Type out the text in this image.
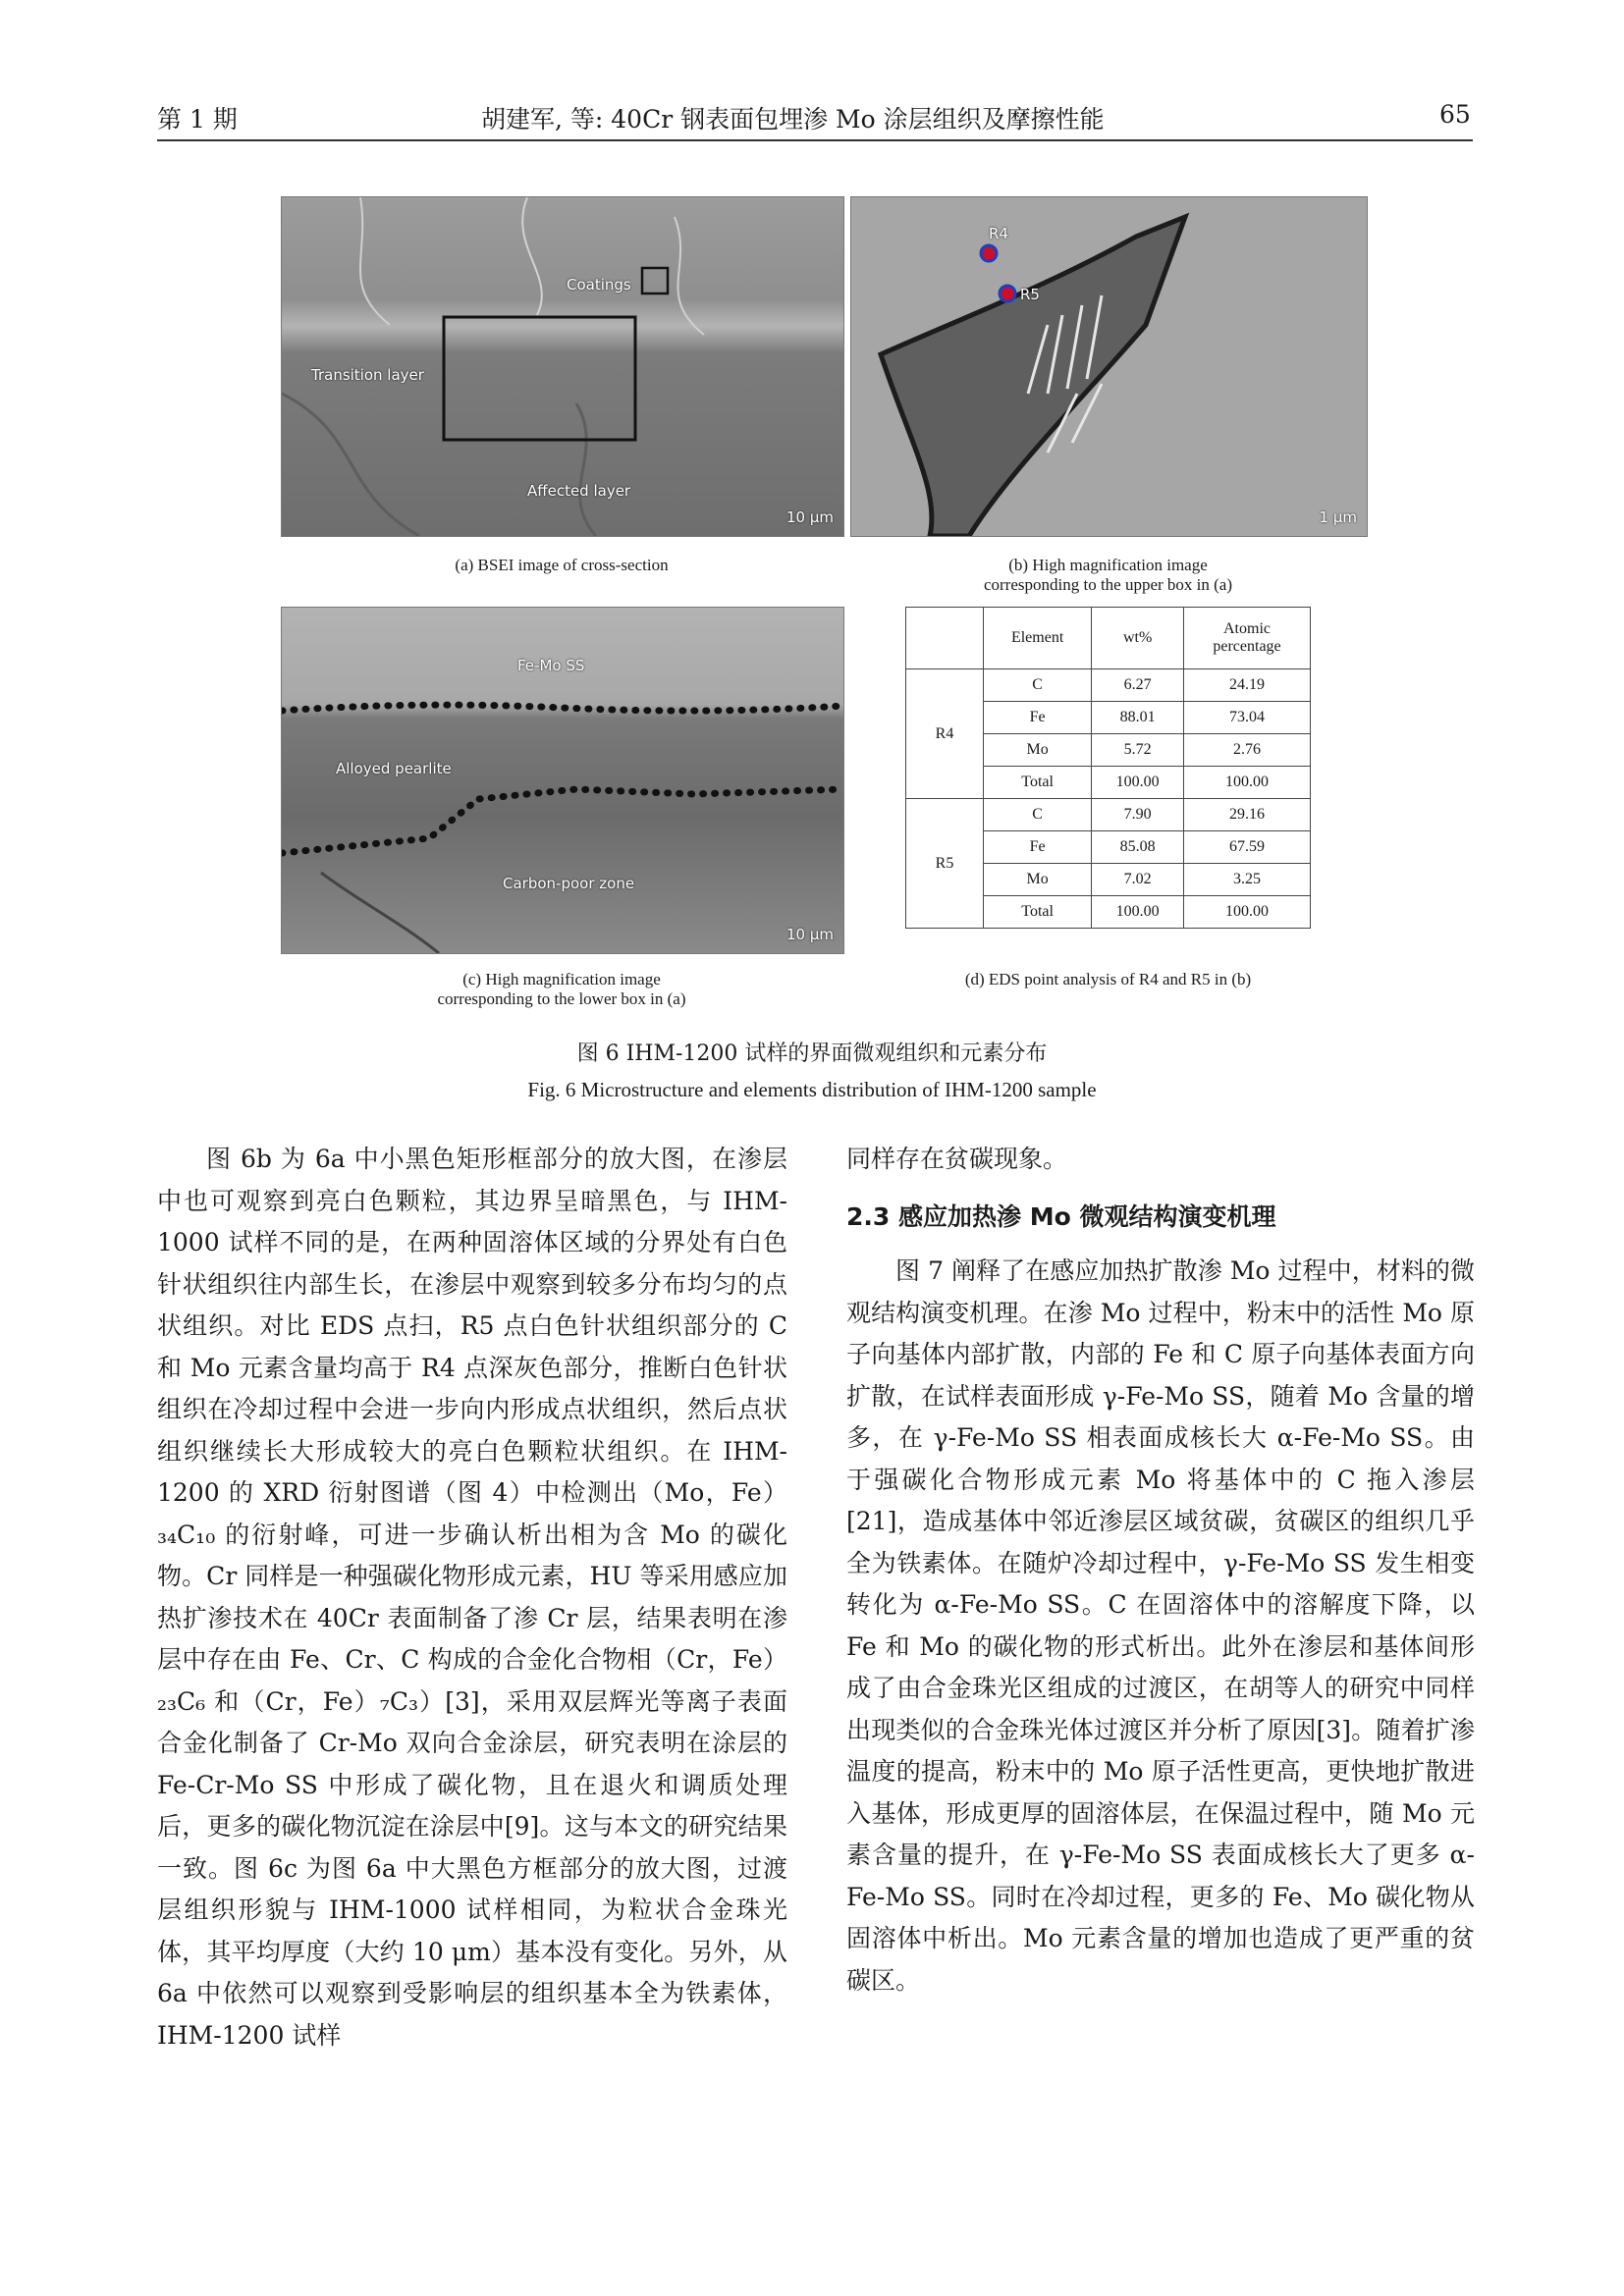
第 1 期	胡建军, 等: 40Cr 钢表面包埋渗 Mo 涂层组织及摩擦性能	65
Coatings
Transition layer
Affected layer
10 μm
(a) BSEI image of cross-section
R4
R5
1 μm
(b) High magnification image
corresponding to the upper box in (a)
Fe-Mo SS
Alloyed pearlite
Carbon-poor zone
10 μm
(c) High magnification image
corresponding to the lower box in (a)
	Element	wt%	Atomic percentage
R4	C	6.27	24.19
	Fe	88.01	73.04
	Mo	5.72	2.76
	Total	100.00	100.00
R5	C	7.90	29.16
	Fe	85.08	67.59
	Mo	7.02	3.25
	Total	100.00	100.00
(d) EDS point analysis of R4 and R5 in (b)
图 6 IHM-1200 试样的界面微观组织和元素分布
Fig. 6 Microstructure and elements distribution of IHM-1200 sample

图 6b 为 6a 中小黑色矩形框部分的放大图，在渗层中也可观察到亮白色颗粒，其边界呈暗黑色，与 IHM-1000 试样不同的是，在两种固溶体区域的分界处有白色针状组织往内部生长，在渗层中观察到较多分布均匀的点状组织。对比 EDS 点扫，R5 点白色针状组织部分的 C 和 Mo 元素含量均高于 R4 点深灰色部分，推断白色针状组织在冷却过程中会进一步向内形成点状组织，然后点状组织继续长大形成较大的亮白色颗粒状组织。在 IHM-1200 的 XRD 衍射图谱（图 4）中检测出（Mo，Fe）₃₄C₁₀ 的衍射峰，可进一步确认析出相为含 Mo 的碳化物。Cr 同样是一种强碳化物形成元素，HU 等采用感应加热扩渗技术在 40Cr 表面制备了渗 Cr 层，结果表明在渗层中存在由 Fe、Cr、C 构成的合金化合物相（Cr，Fe）₂₃C₆ 和（Cr，Fe）₇C₃）[3]，采用双层辉光等离子表面合金化制备了 Cr-Mo 双向合金涂层，研究表明在涂层的 Fe-Cr-Mo SS 中形成了碳化物，且在退火和调质处理后，更多的碳化物沉淀在涂层中[9]。这与本文的研究结果一致。图 6c 为图 6a 中大黑色方框部分的放大图，过渡层组织形貌与 IHM-1000 试样相同，为粒状合金珠光体，其平均厚度（大约 10 μm）基本没有变化。另外，从 6a 中依然可以观察到受影响层的组织基本全为铁素体，IHM-1200 试样

同样存在贫碳现象。
2.3 感应加热渗 Mo 微观结构演变机理

图 7 阐释了在感应加热扩散渗 Mo 过程中，材料的微观结构演变机理。在渗 Mo 过程中，粉末中的活性 Mo 原子向基体内部扩散，内部的 Fe 和 C 原子向基体表面方向扩散，在试样表面形成 γ-Fe-Mo SS，随着 Mo 含量的增多，在 γ-Fe-Mo SS 相表面成核长大 α-Fe-Mo SS。由于强碳化合物形成元素 Mo 将基体中的 C 拖入渗层[21]，造成基体中邻近渗层区域贫碳，贫碳区的组织几乎全为铁素体。在随炉冷却过程中，γ-Fe-Mo SS 发生相变转化为 α-Fe-Mo SS。C 在固溶体中的溶解度下降，以 Fe 和 Mo 的碳化物的形式析出。此外在渗层和基体间形成了由合金珠光区组成的过渡区，在胡等人的研究中同样出现类似的合金珠光体过渡区并分析了原因[3]。随着扩渗温度的提高，粉末中的 Mo 原子活性更高，更快地扩散进入基体，形成更厚的固溶体层，在保温过程中，随 Mo 元素含量的提升，在 γ-Fe-Mo SS 表面成核长大了更多 α-Fe-Mo SS。同时在冷却过程，更多的 Fe、Mo 碳化物从固溶体中析出。Mo 元素含量的增加也造成了更严重的贫碳区。
